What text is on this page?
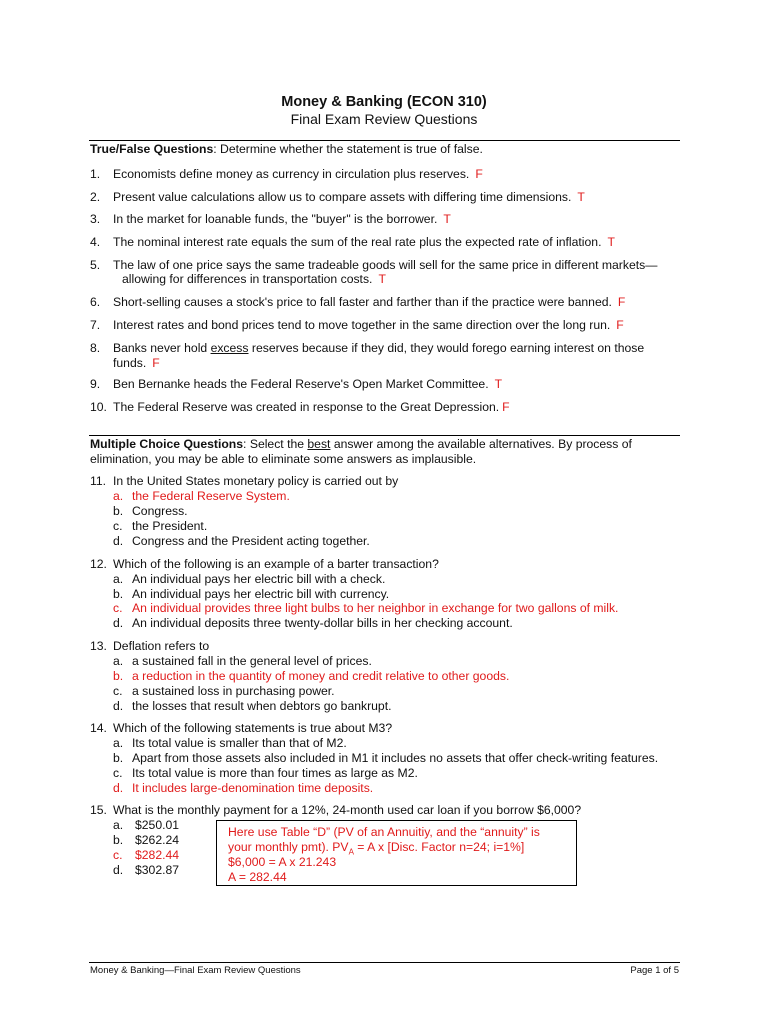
Money & Banking (ECON 310)
Final Exam Review Questions
True/False Questions: Determine whether the statement is true of false.
1. Economists define money as currency in circulation plus reserves. F
2. Present value calculations allow us to compare assets with differing time dimensions. T
3. In the market for loanable funds, the "buyer" is the borrower. T
4. The nominal interest rate equals the sum of the real rate plus the expected rate of inflation. T
5. The law of one price says the same tradeable goods will sell for the same price in different markets—
allowing for differences in transportation costs. T
6. Short-selling causes a stock's price to fall faster and farther than if the practice were banned. F
7. Interest rates and bond prices tend to move together in the same direction over the long run. F
8. Banks never hold excess reserves because if they did, they would forego earning interest on those
funds. F
9. Ben Bernanke heads the Federal Reserve's Open Market Committee. T
10. The Federal Reserve was created in response to the Great Depression. F
Multiple Choice Questions: Select the best answer among the available alternatives. By process of
elimination, you may be able to eliminate some answers as implausible.
11. In the United States monetary policy is carried out by
a. the Federal Reserve System.
b. Congress.
c. the President.
d. Congress and the President acting together.
12. Which of the following is an example of a barter transaction?
a. An individual pays her electric bill with a check.
b. An individual pays her electric bill with currency.
c. An individual provides three light bulbs to her neighbor in exchange for two gallons of milk.
d. An individual deposits three twenty-dollar bills in her checking account.
13. Deflation refers to
a. a sustained fall in the general level of prices.
b. a reduction in the quantity of money and credit relative to other goods.
c. a sustained loss in purchasing power.
d. the losses that result when debtors go bankrupt.
14. Which of the following statements is true about M3?
a. Its total value is smaller than that of M2.
b. Apart from those assets also included in M1 it includes no assets that offer check-writing features.
c. Its total value is more than four times as large as M2.
d. It includes large-denomination time deposits.
15. What is the monthly payment for a 12%, 24-month used car loan if you borrow $6,000?
a. $250.01
b. $262.24
c. $282.44
d. $302.87
Here use Table “D” (PV of an Annuitiy, and the “annuity” is
your monthly pmt). $PV_A = A$ x [Disc. Factor n=24; i=1%]
$6,000 = A x 21.243
A = 282.44
Money & Banking—Final Exam Review Questions	Page 1 of 5
